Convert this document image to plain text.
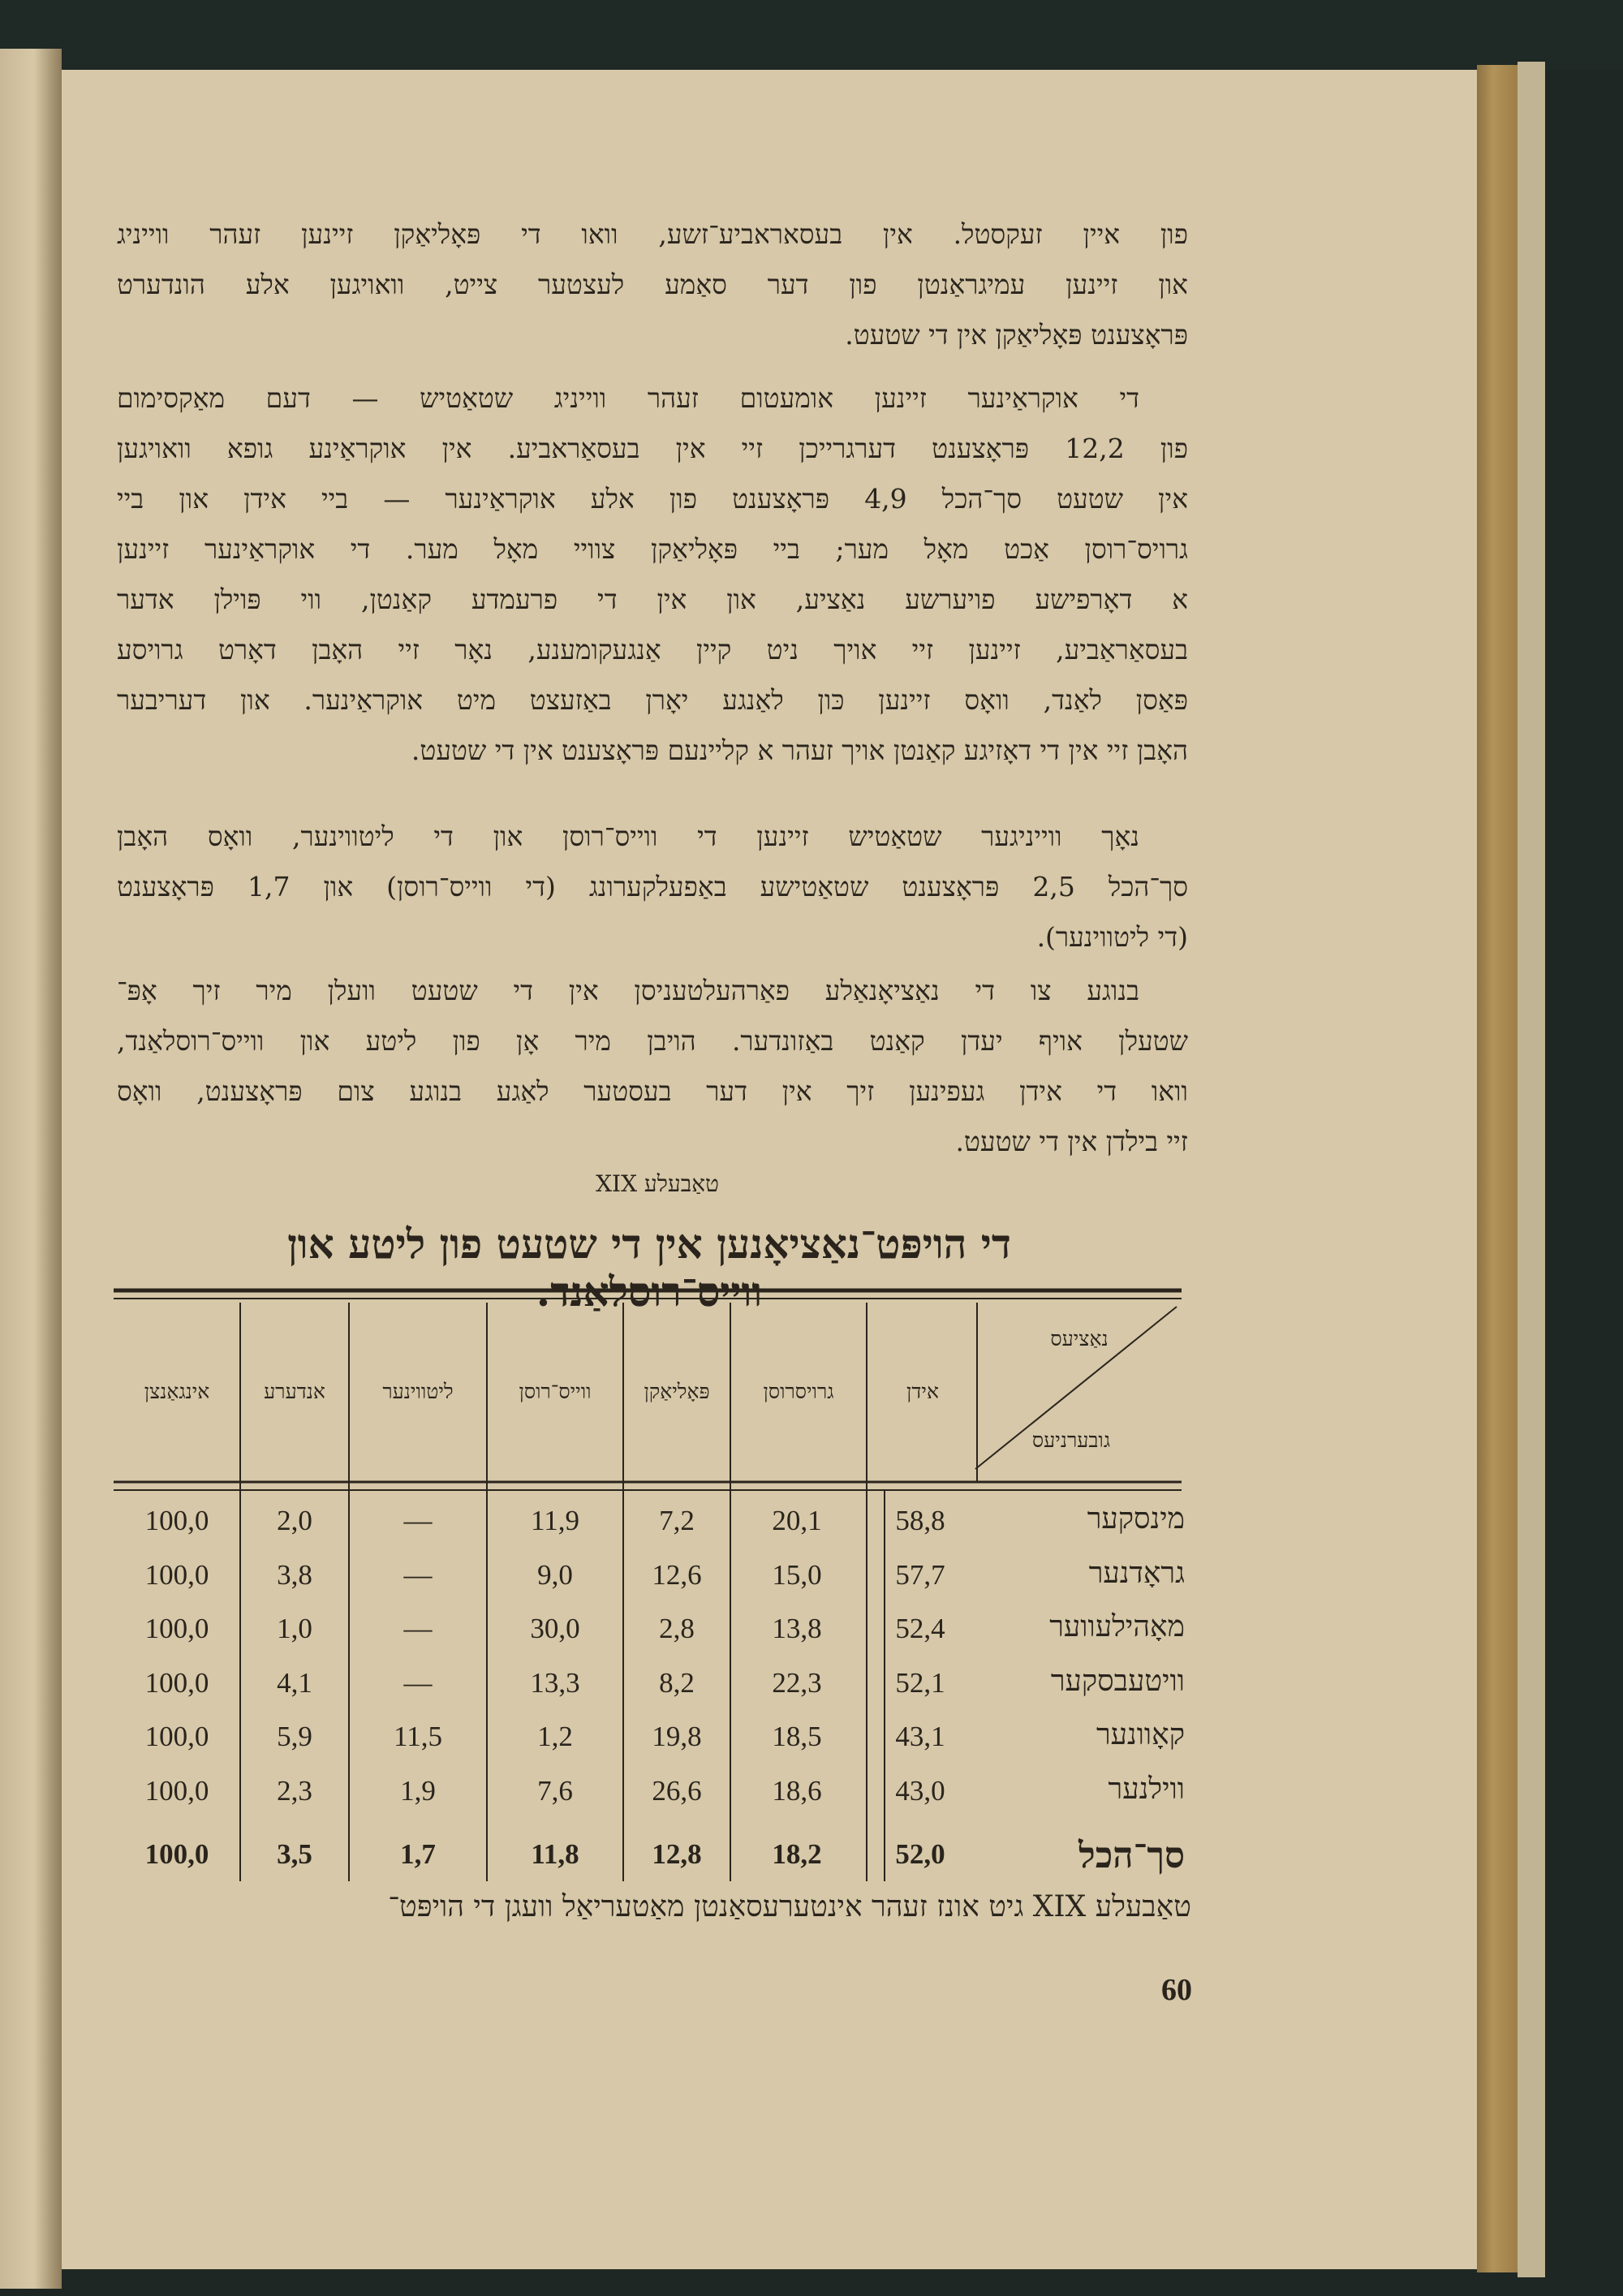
פון איין זעקסטל. אין בעסאראביע־זשע, וואו די פּאָליאַקן זיינען זעהר ווייניג

און זיינען עמיגראַנטן פון דער סאַמע לעצטער צייט, וואויגען אלע הונדערט

פּראָצענט פּאָליאַקן אין די שטעט.

די אוקראַינער זיינען אומעטום זעהר ווייניג שטאַטיש — דעם מאַקסימום

פון 12,2 פּראָצענט דערגרייכן זיי אין בעסאַראביע. אין אוקראַינע גופא וואויגען

אין שטעט סך־הכל 4,9 פּראָצענט פון אלע אוקראַינער — ביי אידן און ביי

גרויס־רוסן אַכט מאָל מער; ביי פּאָליאַקן צוויי מאָל מער. די אוקראַינער זיינען

א דאָרפישע פויערשע נאַציע, און אין די פרעמדע קאַנטן, ווי פּוילן אדער

בעסאַראַביע, זיינען זיי אויך ניט קיין אַנגעקומענע, נאָר זיי האָבן דאָרט גרויסע

פּאַסן לאַנד, וואָס זיינען כּון לאַנגע יאָרן באַזעצט מיט אוקראַינער. און דעריבער

האָבן זיי אין די דאָזיגע קאַנטן אויך זעהר א קליינעם פּראָצענט אין די שטעט.

נאָך ווייניגער שטאַטיש זיינען די ווייס־רוסן און די ליטווינער, וואָס האָבן

סך־הכל 2,5 פּראָצענט שטאַטישע באַפעלקערונג (די ווייס־רוסן) און 1,7 פּראָצענט

(די ליטווינער).

בנוגע צו די נאַציאָנאַלע פאַרהעלטעניסן אין די שטעט וועלן מיר זיך אָפּ־

שטעלן אויף יעדן קאַנט באַזונדער. הויבן מיר אָן פון ליטע און ווייס־רוסלאַנד,

וואו די אידן געפינען זיך אין דער בעסטער לאַגע בנוגע צום פּראָצענט, וואָס

זיי בילדן אין די שטעט.

טאַבעלע XIX
די הויפּט־נאַציאָנען אין די שטעט פון ליטע און ווייס־רוסלאַנד.
נאַציעס
גובערניעס
אידן
גרויסרוסן
פּאָליאַקן
ווייס־רוסן
ליטווינער
אנדערע
אינגאַנצן
מינסקער
58,8
20,1
7,2
11,9
—
2,0
100,0
גראָדנער
57,7
15,0
12,6
9,0
—
3,8
100,0
מאָהילעווער
52,4
13,8
2,8
30,0
—
1,0
100,0
וויטעבסקער
52,1
22,3
8,2
13,3
—
4,1
100,0
קאָוונער
43,1
18,5
19,8
1,2
11,5
5,9
100,0
ווילנער
43,0
18,6
26,6
7,6
1,9
2,3
100,0
סך־הכל
52,0
18,2
12,8
11,8
1,7
3,5
100,0
טאַבעלע XIX גיט אונז זעהר אינטערעסאַנטן מאַטעריאַל וועגן די הויפּט־
60
